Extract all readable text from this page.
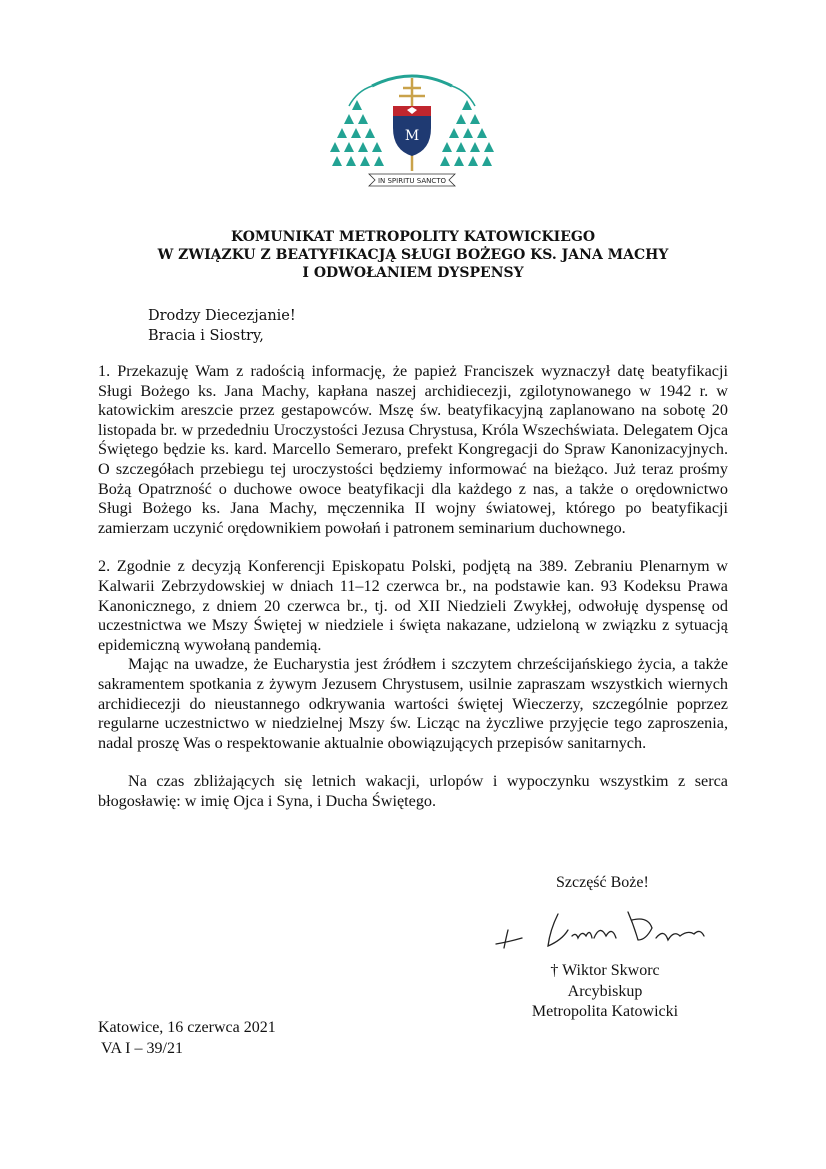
M
IN SPIRITU SANCTO
KOMUNIKAT METROPOLITY KATOWICKIEGO
W ZWIĄZKU Z BEATYFIKACJĄ SŁUGI BOŻEGO KS. JANA MACHY
I ODWOŁANIEM DYSPENSY
Drodzy Diecezjanie!
Bracia i Siostry,

1. Przekazuję Wam z radością informację, że papież Franciszek wyznaczył datę beatyfikacji Sługi Bożego ks. Jana Machy, kapłana naszej archidiecezji, zgilotynowanego w 1942 r. w katowickim areszcie przez gestapowców. Mszę św. beatyfikacyjną zaplanowano na sobotę 20 listopada br. w przededniu Uroczystości Jezusa Chrystusa, Króla Wszechświata. Delegatem Ojca Świętego będzie ks. kard. Marcello Semeraro, prefekt Kongregacji do Spraw Kanonizacyjnych. O szczegółach przebiegu tej uroczystości będziemy informować na bieżąco. Już teraz prośmy Bożą Opatrzność o duchowe owoce beatyfikacji dla każdego z nas, a także o orędownictwo Sługi Bożego ks. Jana Machy, męczennika II wojny światowej, którego po beatyfikacji zamierzam uczynić orędownikiem powołań i patronem seminarium duchownego.

2. Zgodnie z decyzją Konferencji Episkopatu Polski, podjętą na 389. Zebraniu Plenarnym w Kalwarii Zebrzydowskiej w dniach 11–12 czerwca br., na podstawie kan. 93 Kodeksu Prawa Kanonicznego, z dniem 20 czerwca br., tj. od XII Niedzieli Zwykłej, odwołuję dyspensę od uczestnictwa we Mszy Świętej w niedziele i święta nakazane, udzieloną w związku z sytuacją epidemiczną wywołaną pandemią.

Mając na uwadze, że Eucharystia jest źródłem i szczytem chrześcijańskiego życia, a także sakramentem spotkania z żywym Jezusem Chrystusem, usilnie zapraszam wszystkich wiernych archidiecezji do nieustannego odkrywania wartości świętej Wieczerzy, szczególnie poprzez regularne uczestnictwo w niedzielnej Mszy św. Licząc na życzliwe przyjęcie tego zaproszenia, nadal proszę Was o respektowanie aktualnie obowiązujących przepisów sanitarnych.

Na czas zbliżających się letnich wakacji, urlopów i wypoczynku wszystkim z serca błogosławię: w imię Ojca i Syna, i Ducha Świętego.

Szczęść Boże!
† Wiktor Skworc
Arcybiskup
Metropolita Katowicki
Katowice, 16 czerwca 2021
VA I – 39/21
